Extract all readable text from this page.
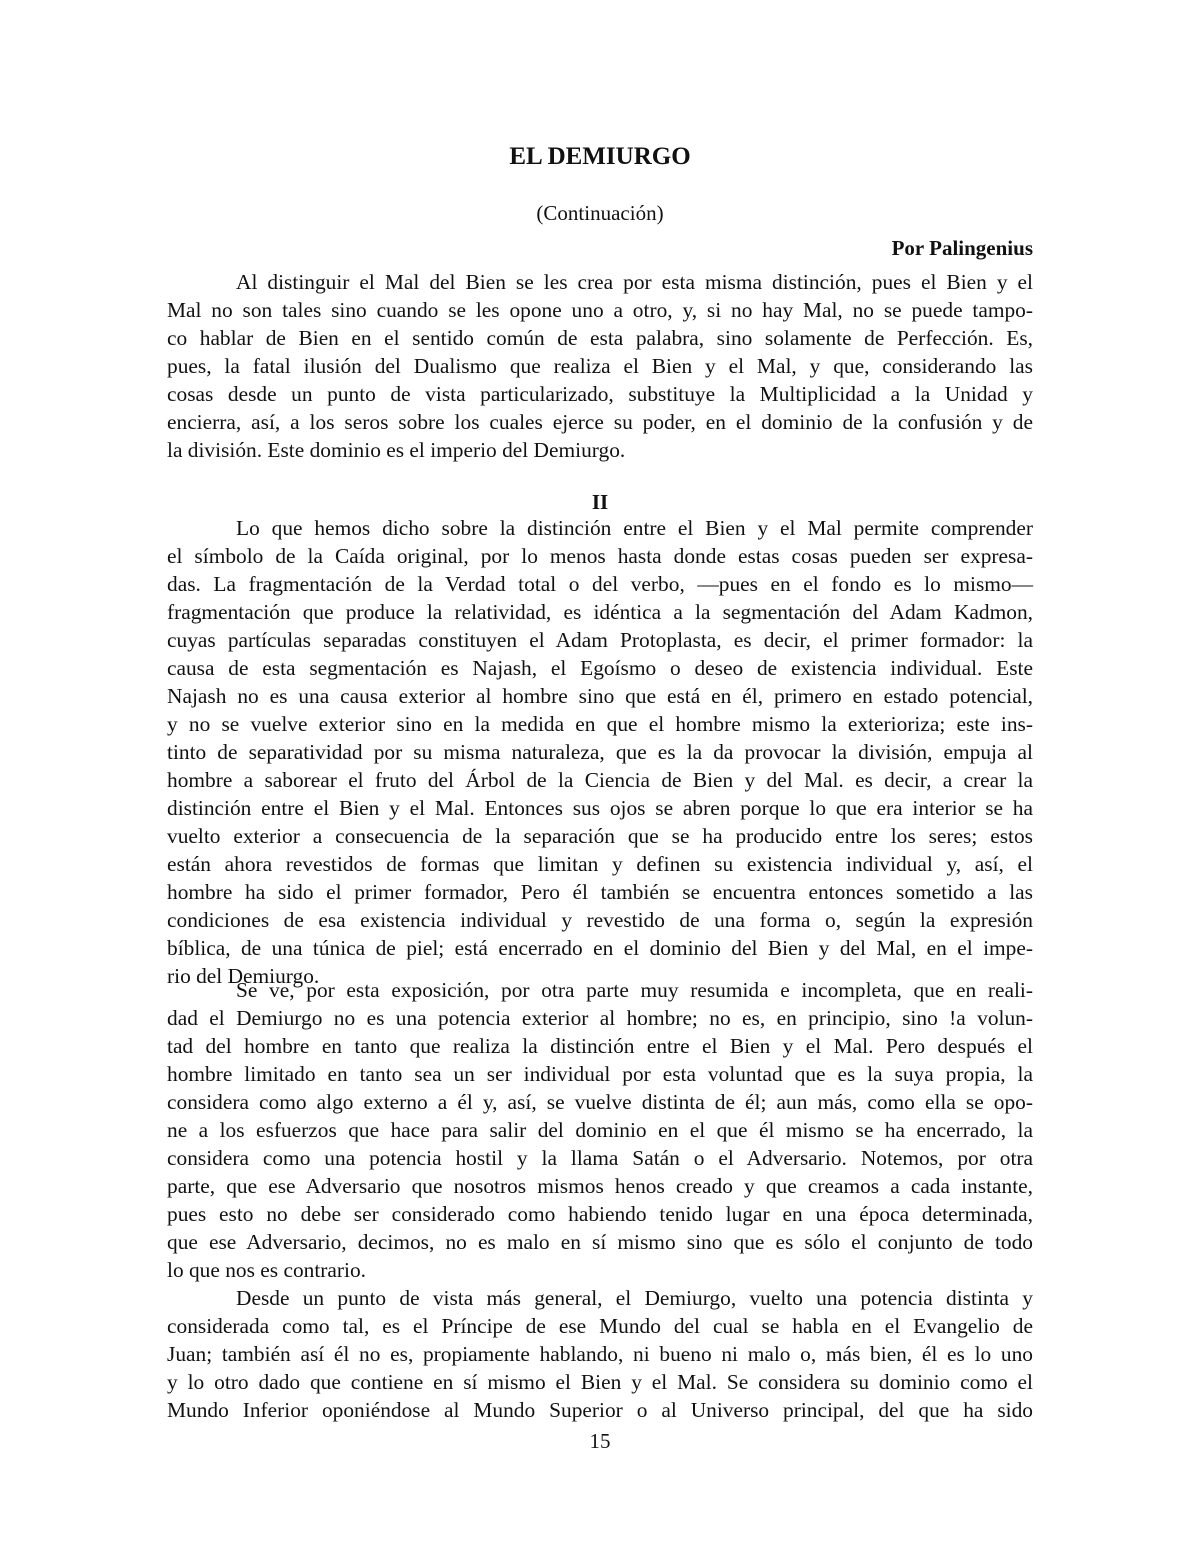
EL DEMIURGO
(Continuación)
Por Palingenius
Al distinguir el Mal del Bien se les crea por esta misma distinción, pues el Bien y el
Mal no son tales sino cuando se les opone uno a otro, y, si no hay Mal, no se puede tampo-
co hablar de Bien en el sentido común de esta palabra, sino solamente de Perfección. Es,
pues, la fatal ilusión del Dualismo que realiza el Bien y el Mal, y que, considerando las
cosas desde un punto de vista particularizado, substituye la Multiplicidad a la Unidad y
encierra, así, a los seros sobre los cuales ejerce su poder, en el dominio de la confusión y de
la división. Este dominio es el imperio del Demiurgo.
II
Lo que hemos dicho sobre la distinción entre el Bien y el Mal permite comprender
el símbolo de la Caída original, por lo menos hasta donde estas cosas pueden ser expresa-
das. La fragmentación de la Verdad total o del verbo, —pues en el fondo es lo mismo—
fragmentación que produce la relatividad, es idéntica a la segmentación del Adam Kadmon,
cuyas partículas separadas constituyen el Adam Protoplasta, es decir, el primer formador: la
causa de esta segmentación es Najash, el Egoísmo o deseo de existencia individual. Este
Najash no es una causa exterior al hombre sino que está en él, primero en estado potencial,
y no se vuelve exterior sino en la medida en que el hombre mismo la exterioriza; este ins-
tinto de separatividad por su misma naturaleza, que es la da provocar la división, empuja al
hombre a saborear el fruto del Árbol de la Ciencia de Bien y del Mal. es decir, a crear la
distinción entre el Bien y el Mal. Entonces sus ojos se abren porque lo que era interior se ha
vuelto exterior a consecuencia de la separación que se ha producido entre los seres; estos
están ahora revestidos de formas que limitan y definen su existencia individual y, así, el
hombre ha sido el primer formador, Pero él también se encuentra entonces sometido a las
condiciones de esa existencia individual y revestido de una forma o, según la expresión
bíblica, de una túnica de piel; está encerrado en el dominio del Bien y del Mal, en el impe-
rio del Demiurgo.
Se ve, por esta exposición, por otra parte muy resumida e incompleta, que en reali-
dad el Demiurgo no es una potencia exterior al hombre; no es, en principio, sino !a volun-
tad del hombre en tanto que realiza la distinción entre el Bien y el Mal. Pero después el
hombre limitado en tanto sea un ser individual por esta voluntad que es la suya propia, la
considera como algo externo a él y, así, se vuelve distinta de él; aun más, como ella se opo-
ne a los esfuerzos que hace para salir del dominio en el que él mismo se ha encerrado, la
considera como una potencia hostil y la llama Satán o el Adversario. Notemos, por otra
parte, que ese Adversario que nosotros mismos henos creado y que creamos a cada instante,
pues esto no debe ser considerado como habiendo tenido lugar en una época determinada,
que ese Adversario, decimos, no es malo en sí mismo sino que es sólo el conjunto de todo
lo que nos es contrario.
Desde un punto de vista más general, el Demiurgo, vuelto una potencia distinta y
considerada como tal, es el Príncipe de ese Mundo del cual se habla en el Evangelio de
Juan; también así él no es, propiamente hablando, ni bueno ni malo o, más bien, él es lo uno
y lo otro dado que contiene en sí mismo el Bien y el Mal. Se considera su dominio como el
Mundo Inferior oponiéndose al Mundo Superior o al Universo principal, del que ha sido
15
